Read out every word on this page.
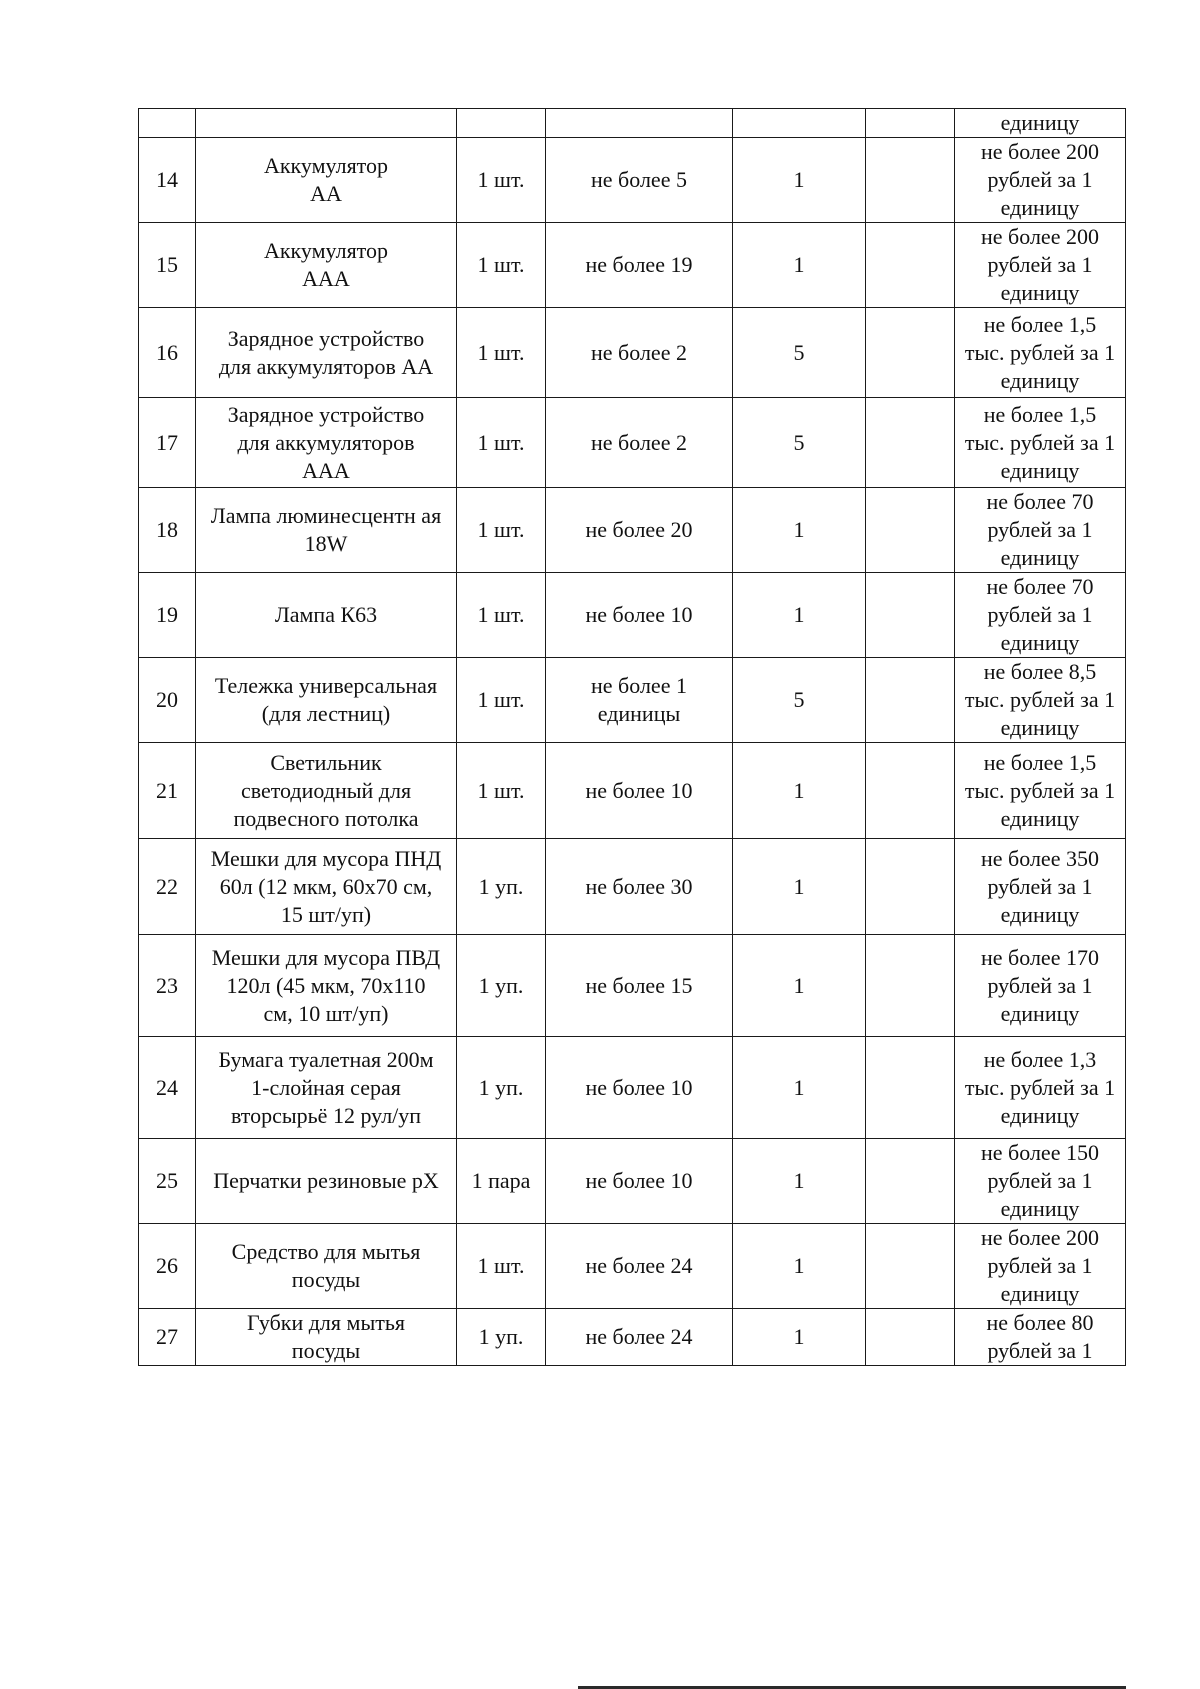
						единицу
14	Аккумулятор
АА	1 шт.	не более 5	1		не более 200
рублей за 1
единицу
15	Аккумулятор
ААА	1 шт.	не более 19	1		не более 200
рублей за 1
единицу
16	Зарядное устройство
для аккумуляторов АА	1 шт.	не более 2	5		не более 1,5
тыс. рублей за 1
единицу
17	Зарядное устройство
для аккумуляторов
ААА	1 шт.	не более 2	5		не более 1,5
тыс. рублей за 1
единицу
18	Лампа люминесцентн ая
18W	1 шт.	не более 20	1		не более 70
рублей за 1
единицу
19	Лампа К63	1 шт.	не более 10	1		не более 70
рублей за 1
единицу
20	Тележка универсальная
(для лестниц)	1 шт.	не более 1
единицы	5		не более 8,5
тыс. рублей за 1
единицу
21	Светильник
светодиодный для
подвесного потолка	1 шт.	не более 10	1		не более 1,5
тыс. рублей за 1
единицу
22	Мешки для мусора ПНД
60л (12 мкм, 60х70 см,
15 шт/уп)	1 уп.	не более 30	1		не более 350
рублей за 1
единицу
23	Мешки для мусора ПВД
120л (45 мкм, 70х110
см, 10 шт/уп)	1 уп.	не более 15	1		не более 170
рублей за 1
единицу
24	Бумага туалетная 200м
1-слойная серая
вторсырьё 12 рул/уп	1 уп.	не более 10	1		не более 1,3
тыс. рублей за 1
единицу
25	Перчатки резиновые рХ	1 пара	не более 10	1		не более 150
рублей за 1
единицу
26	Средство для мытья
посуды	1 шт.	не более 24	1		не более 200
рублей за 1
единицу
27	Губки для мытья
посуды	1 уп.	не более 24	1		не более 80
рублей за 1
